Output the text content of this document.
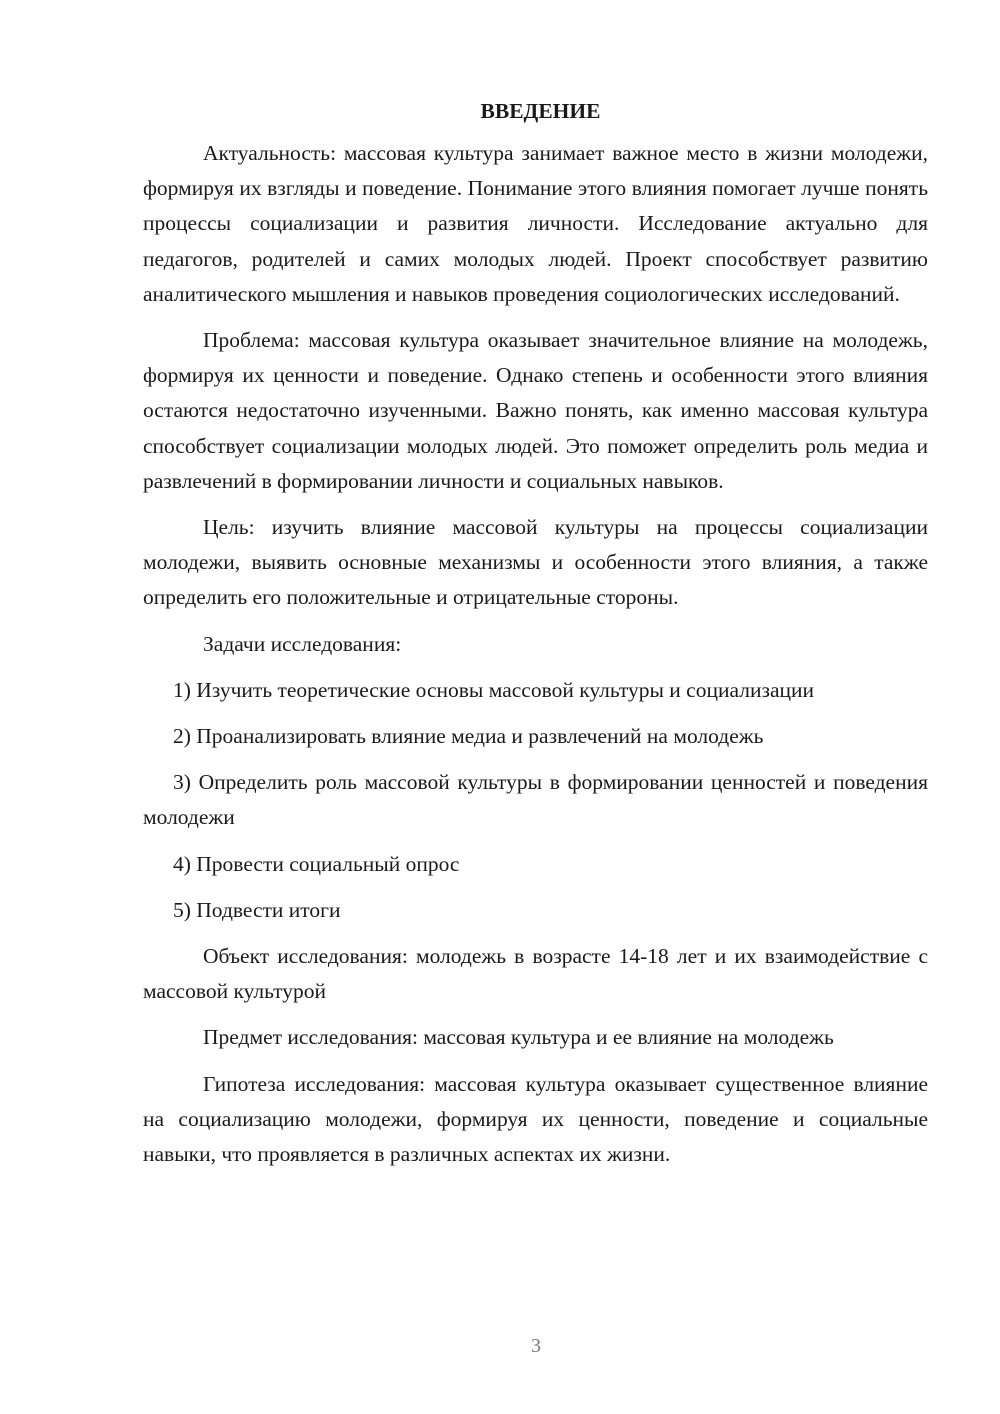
ВВЕДЕНИЕ

Актуальность: массовая культура занимает важное место в жизни молодежи, формируя их взгляды и поведение. Понимание этого влияния помогает лучше понять процессы социализации и развития личности. Исследование актуально для педагогов, родителей и самих молодых людей. Проект способствует развитию аналитического мышления и навыков проведения социологических исследований.

Проблема: массовая культура оказывает значительное влияние на молодежь, формируя их ценности и поведение. Однако степень и особенности этого влияния остаются недостаточно изученными. Важно понять, как именно массовая культура способствует социализации молодых людей. Это поможет определить роль медиа и развлечений в формировании личности и социальных навыков.

Цель: изучить влияние массовой культуры на процессы социализации молодежи, выявить основные механизмы и особенности этого влияния, а также определить его положительные и отрицательные стороны.

Задачи исследования:

1) Изучить теоретические основы массовой культуры и социализации

2) Проанализировать влияние медиа и развлечений на молодежь

3) Определить роль массовой культуры в формировании ценностей и поведения молодежи

4) Провести социальный опрос

5) Подвести итоги

Объект исследования: молодежь в возрасте 14-18 лет и их взаимодействие с массовой культурой

Предмет исследования: массовая культура и ее влияние на молодежь

Гипотеза исследования: массовая культура оказывает существенное влияние на социализацию молодежи, формируя их ценности, поведение и социальные навыки, что проявляется в различных аспектах их жизни.

3
